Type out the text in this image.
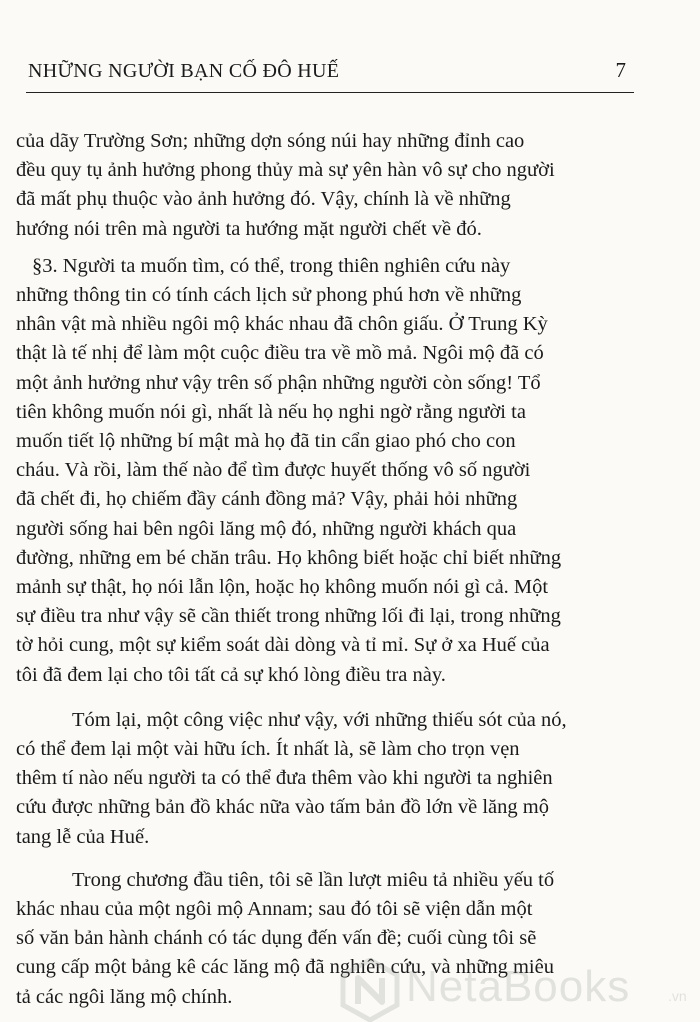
NHỮNG NGƯỜI BẠN CỐ ĐÔ HUẾ	7

của dãy Trường Sơn; những dợn sóng núi hay những đỉnh cao
đều quy tụ ảnh hưởng phong thủy mà sự yên hàn vô sự cho người
đã mất phụ thuộc vào ảnh hưởng đó. Vậy, chính là về những
hướng nói trên mà người ta hướng mặt người chết về đó.

§3. Người ta muốn tìm, có thể, trong thiên nghiên cứu này
những thông tin có tính cách lịch sử phong phú hơn về những
nhân vật mà nhiều ngôi mộ khác nhau đã chôn giấu. Ở Trung Kỳ
thật là tế nhị để làm một cuộc điều tra về mồ mả. Ngôi mộ đã có
một ảnh hưởng như vậy trên số phận những người còn sống! Tổ
tiên không muốn nói gì, nhất là nếu họ nghi ngờ rằng người ta
muốn tiết lộ những bí mật mà họ đã tin cẩn giao phó cho con
cháu. Và rồi, làm thế nào để tìm được huyết thống vô số người
đã chết đi, họ chiếm đầy cánh đồng mả? Vậy, phải hỏi những
người sống hai bên ngôi lăng mộ đó, những người khách qua
đường, những em bé chăn trâu. Họ không biết hoặc chỉ biết những
mảnh sự thật, họ nói lẫn lộn, hoặc họ không muốn nói gì cả. Một
sự điều tra như vậy sẽ cần thiết trong những lối đi lại, trong những
tờ hỏi cung, một sự kiểm soát dài dòng và tỉ mỉ. Sự ở xa Huế của
tôi đã đem lại cho tôi tất cả sự khó lòng điều tra này.

Tóm lại, một công việc như vậy, với những thiếu sót của nó,
có thể đem lại một vài hữu ích. Ít nhất là, sẽ làm cho trọn vẹn
thêm tí nào nếu người ta có thể đưa thêm vào khi người ta nghiên
cứu được những bản đồ khác nữa vào tấm bản đồ lớn về lăng mộ
tang lễ của Huế.

Trong chương đầu tiên, tôi sẽ lần lượt miêu tả nhiều yếu tố
khác nhau của một ngôi mộ Annam; sau đó tôi sẽ viện dẫn một
số văn bản hành chánh có tác dụng đến vấn đề; cuối cùng tôi sẽ
cung cấp một bảng kê các lăng mộ đã nghiên cứu, và những miêu
tả các ngôi lăng mộ chính.	NetaBooks	.vn
